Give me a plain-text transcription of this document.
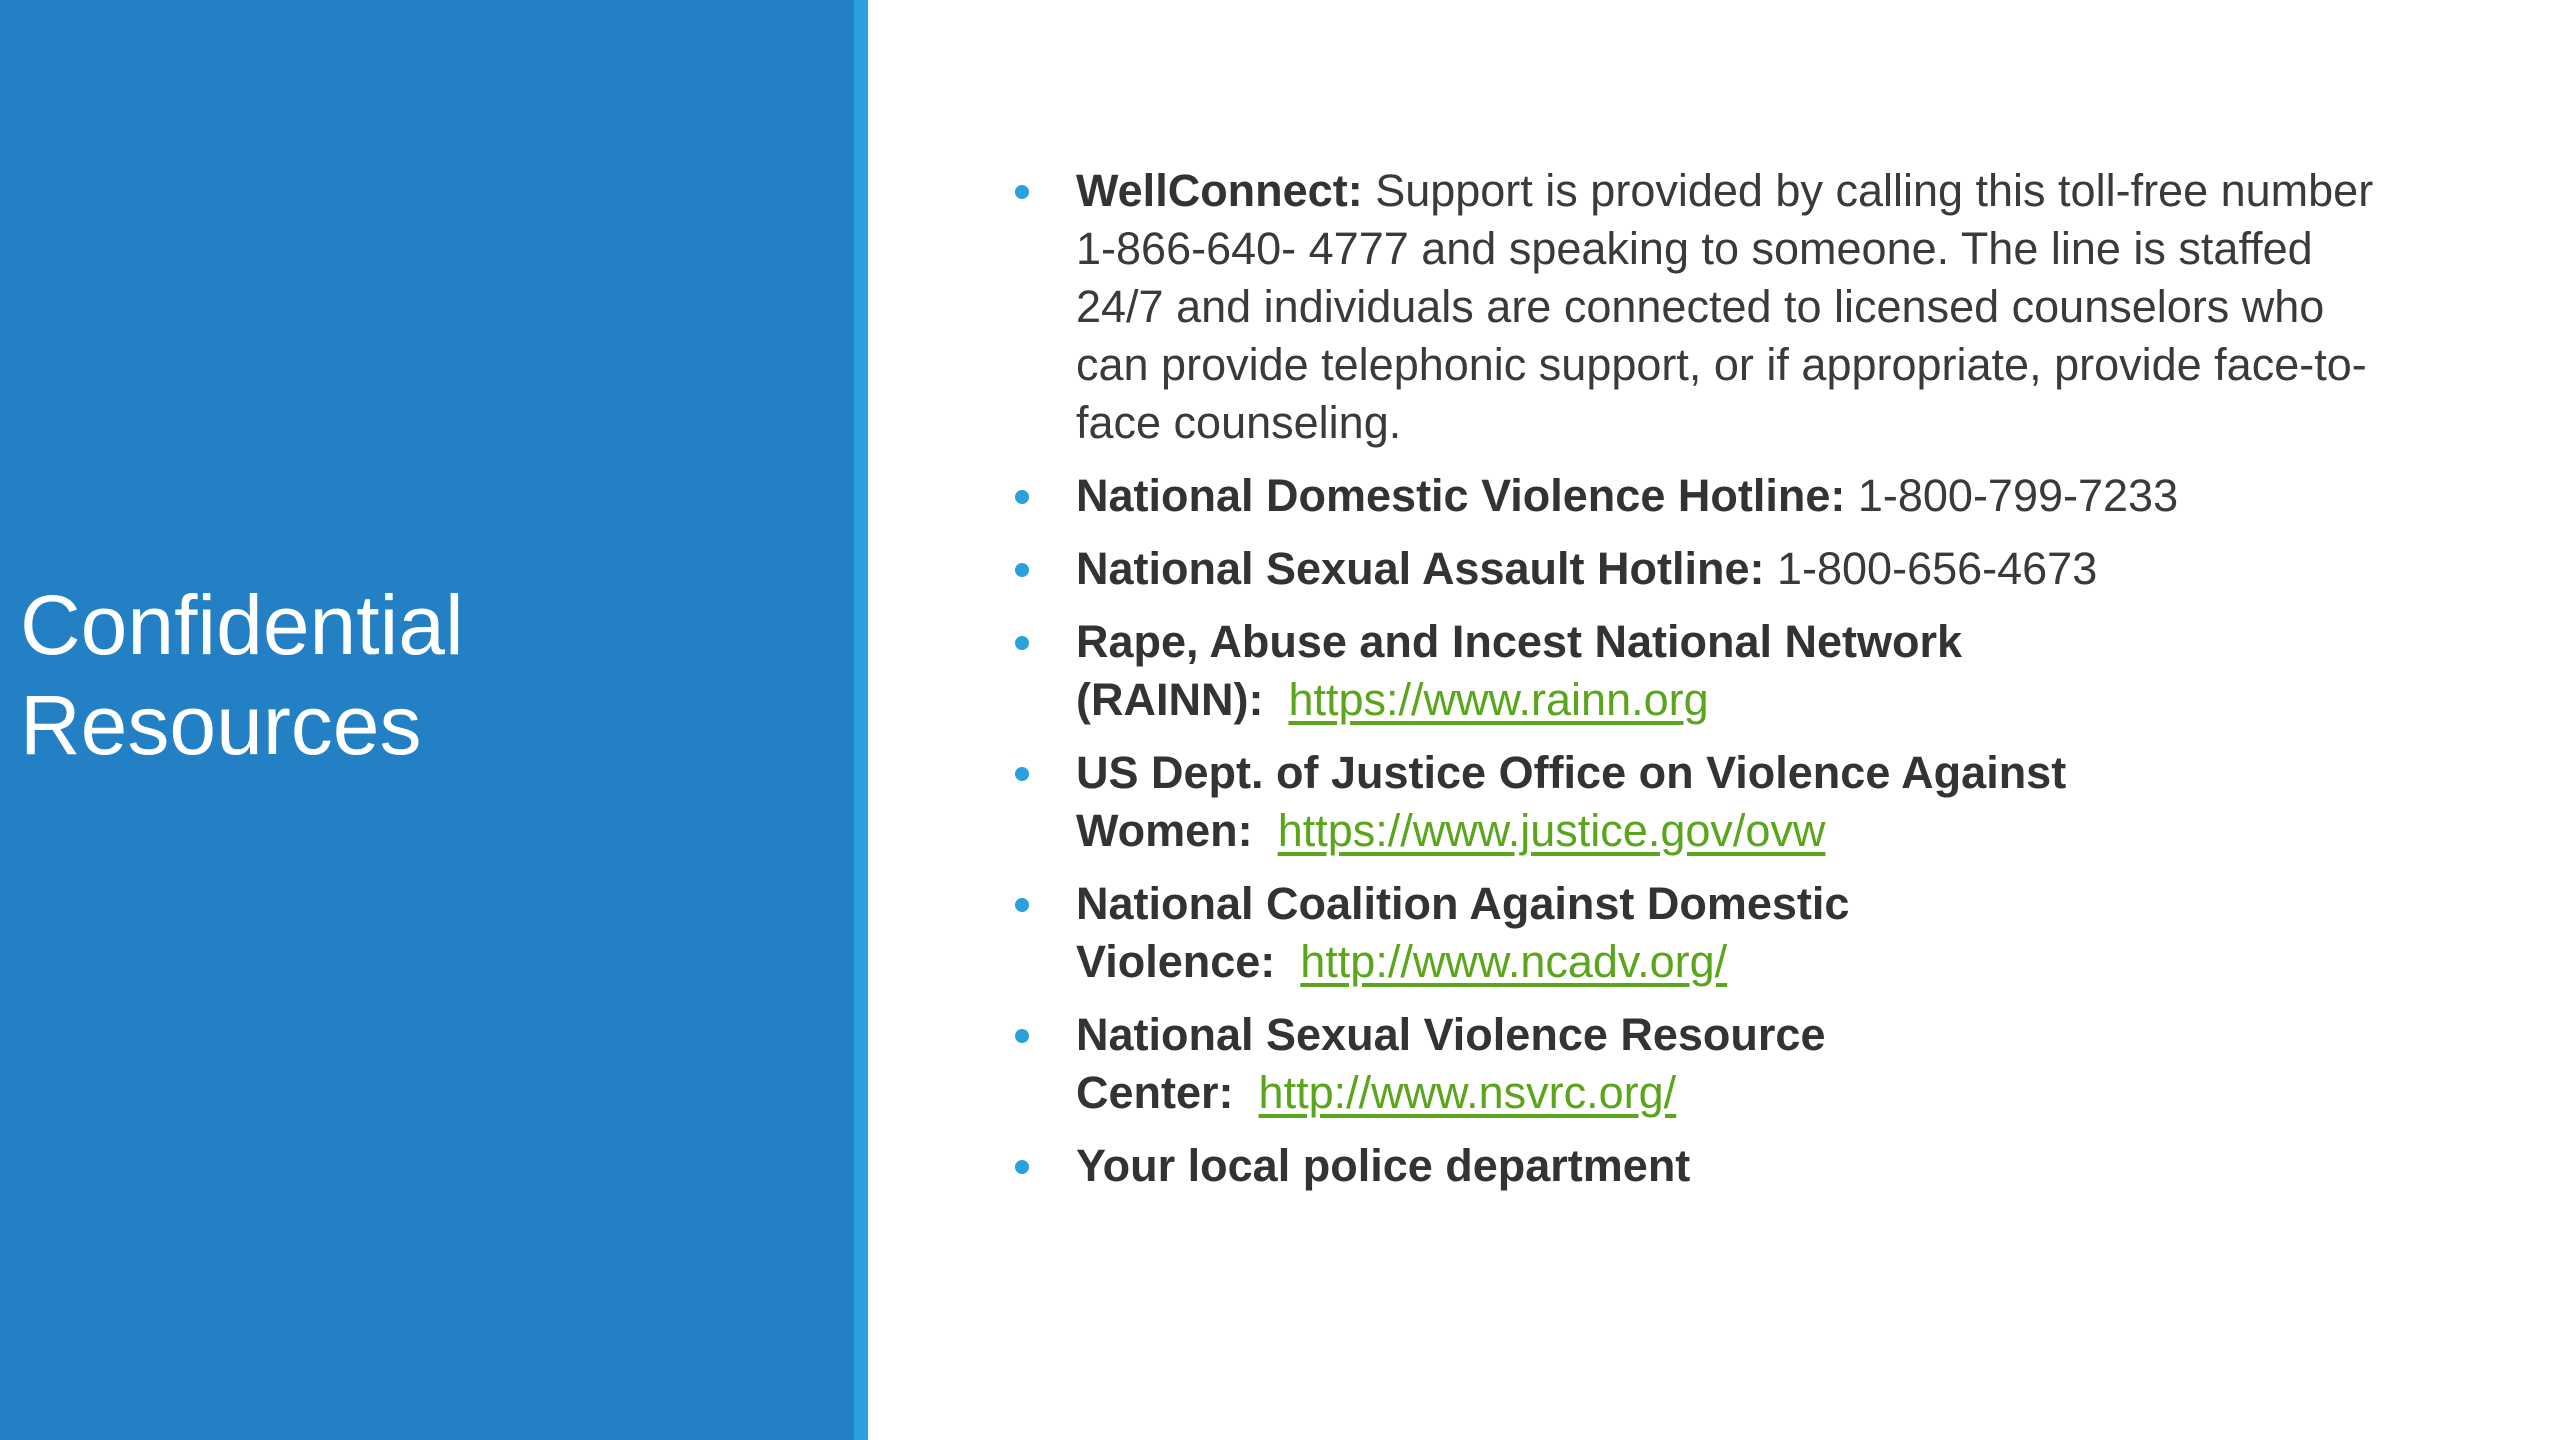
Confidential
Resources
WellConnect: Support is provided by calling this toll-free number 1-866-640- 4777 and speaking to someone. The line is staffed 24/7 and individuals are connected to licensed counselors who can provide telephonic support, or if appropriate, provide face-to-face counseling.
National Domestic Violence Hotline: 1-800-799-7233
National Sexual Assault Hotline: 1-800-656-4673
Rape, Abuse and Incest National Network (RAINN): https://www.rainn.org
US Dept. of Justice Office on Violence Against Women: https://www.justice.gov/ovw
National Coalition Against Domestic Violence: http://www.ncadv.org/
National Sexual Violence Resource Center: http://www.nsvrc.org/
Your local police department
